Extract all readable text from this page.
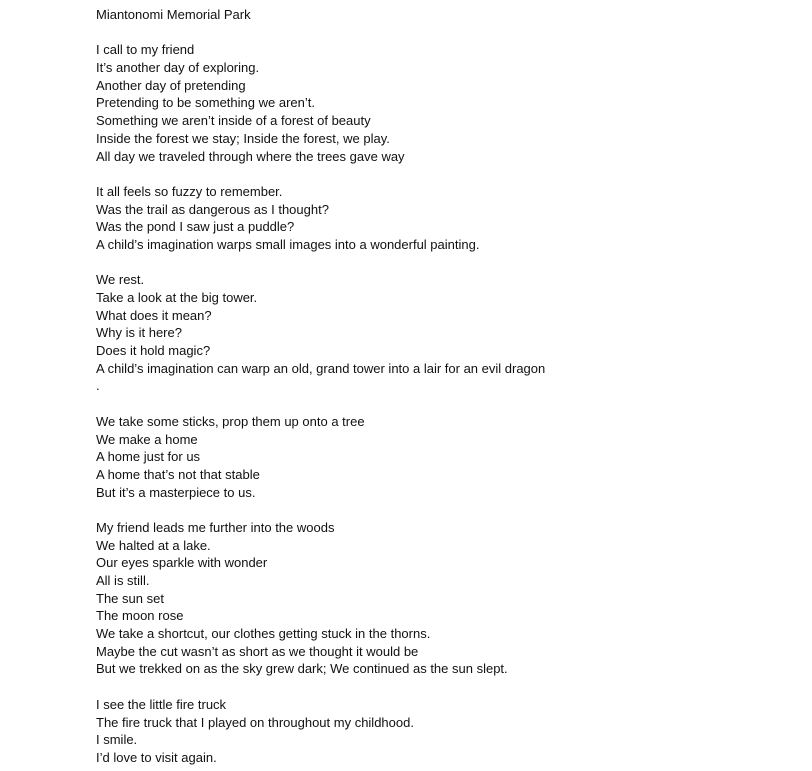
Miantonomi Memorial Park
I call to my friend
It’s another day of exploring.
Another day of pretending
Pretending to be something we aren’t.
Something we aren’t inside of a forest of beauty
Inside the forest we stay; Inside the forest, we play.
All day we traveled through where the trees gave way
It all feels so fuzzy to remember.
Was the trail as dangerous as I thought?
Was the pond I saw just a puddle?
A child’s imagination warps small images into a wonderful painting.
We rest.
Take a look at the big tower.
What does it mean?
Why is it here?
Does it hold magic?
A child’s imagination can warp an old, grand tower into a lair for an evil dragon
.
We take some sticks, prop them up onto a tree
We make a home
A home just for us
A home that’s not that stable
But it’s a masterpiece to us.
My friend leads me further into the woods
We halted at a lake.
Our eyes sparkle with wonder
All is still.
The sun set
The moon rose
We take a shortcut, our clothes getting stuck in the thorns.
Maybe the cut wasn’t as short as we thought it would be
But we trekked on as the sky grew dark; We continued as the sun slept.
I see the little fire truck
The fire truck that I played on throughout my childhood.
I smile.
I’d love to visit again.
